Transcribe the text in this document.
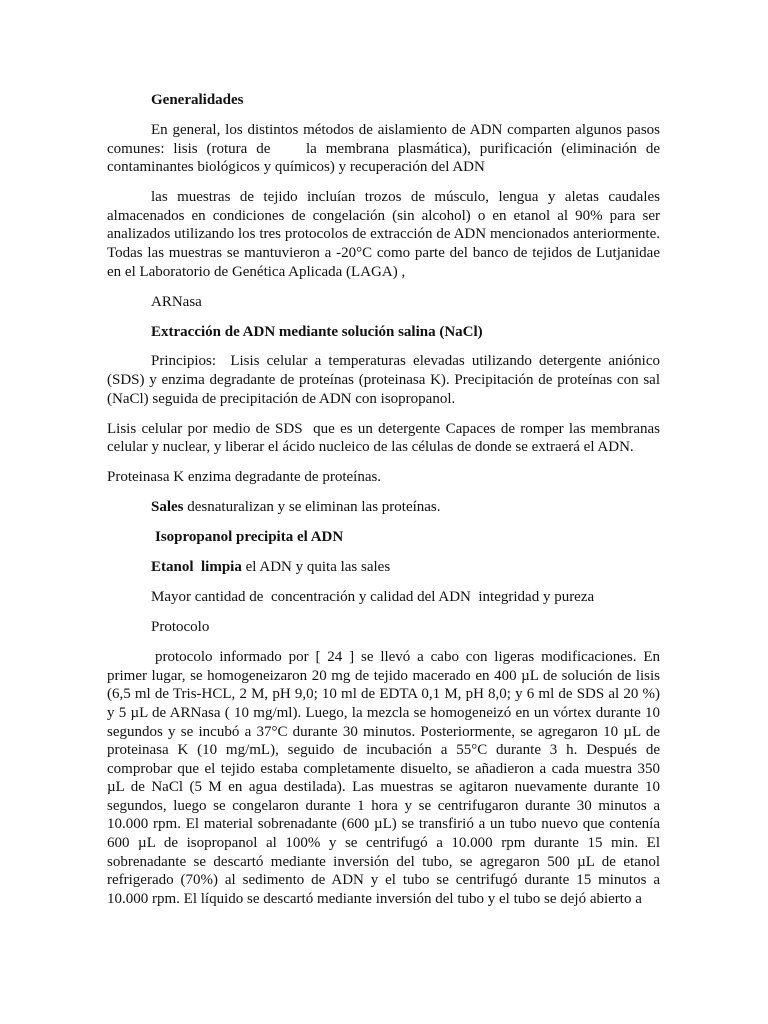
Generalidades

En general, los distintos métodos de aislamiento de ADN comparten algunos pasos comunes: lisis (rotura de    la membrana plasmática), purificación (eliminación de contaminantes biológicos y químicos) y recuperación del ADN

las muestras de tejido incluían trozos de músculo, lengua y aletas caudales almacenados en condiciones de congelación (sin alcohol) o en etanol al 90% para ser analizados utilizando los tres protocolos de extracción de ADN mencionados anteriormente. Todas las muestras se mantuvieron a -20°C como parte del banco de tejidos de Lutjanidae en el Laboratorio de Genética Aplicada (LAGA) ,

ARNasa

Extracción de ADN mediante solución salina (NaCl)

Principios:  Lisis celular a temperaturas elevadas utilizando detergente aniónico (SDS) y enzima degradante de proteínas (proteinasa K). Precipitación de proteínas con sal (NaCl) seguida de precipitación de ADN con isopropanol.

Lisis celular por medio de SDS  que es un detergente Capaces de romper las membranas celular y nuclear, y liberar el ácido nucleico de las células de donde se extraerá el ADN.

Proteinasa K enzima degradante de proteínas.

Sales desnaturalizan y se eliminan las proteínas.

Isopropanol precipita el ADN

Etanol  limpia el ADN y quita las sales

Mayor cantidad de  concentración y calidad del ADN  integridad y pureza

Protocolo

protocolo informado por [ 24 ] se llevó a cabo con ligeras modificaciones. En primer lugar, se homogeneizaron 20 mg de tejido macerado en 400 µL de solución de lisis (6,5 ml de Tris-HCL, 2 M, pH 9,0; 10 ml de EDTA 0,1 M, pH 8,0; y 6 ml de SDS al 20 %) y 5 µL de ARNasa ( 10 mg/ml). Luego, la mezcla se homogeneizó en un vórtex durante 10 segundos y se incubó a 37°C durante 30 minutos. Posteriormente, se agregaron 10 µL de proteinasa K (10 mg/mL), seguido de incubación a 55°C durante 3 h. Después de comprobar que el tejido estaba completamente disuelto, se añadieron a cada muestra 350 µL de NaCl (5 M en agua destilada). Las muestras se agitaron nuevamente durante 10 segundos, luego se congelaron durante 1 hora y se centrifugaron durante 30 minutos a 10.000 rpm. El material sobrenadante (600 µL) se transfirió a un tubo nuevo que contenía 600 µL de isopropanol al 100% y se centrifugó a 10.000 rpm durante 15 min. El sobrenadante se descartó mediante inversión del tubo, se agregaron 500 µL de etanol refrigerado (70%) al sedimento de ADN y el tubo se centrifugó durante 15 minutos a 10.000 rpm. El líquido se descartó mediante inversión del tubo y el tubo se dejó abierto a
